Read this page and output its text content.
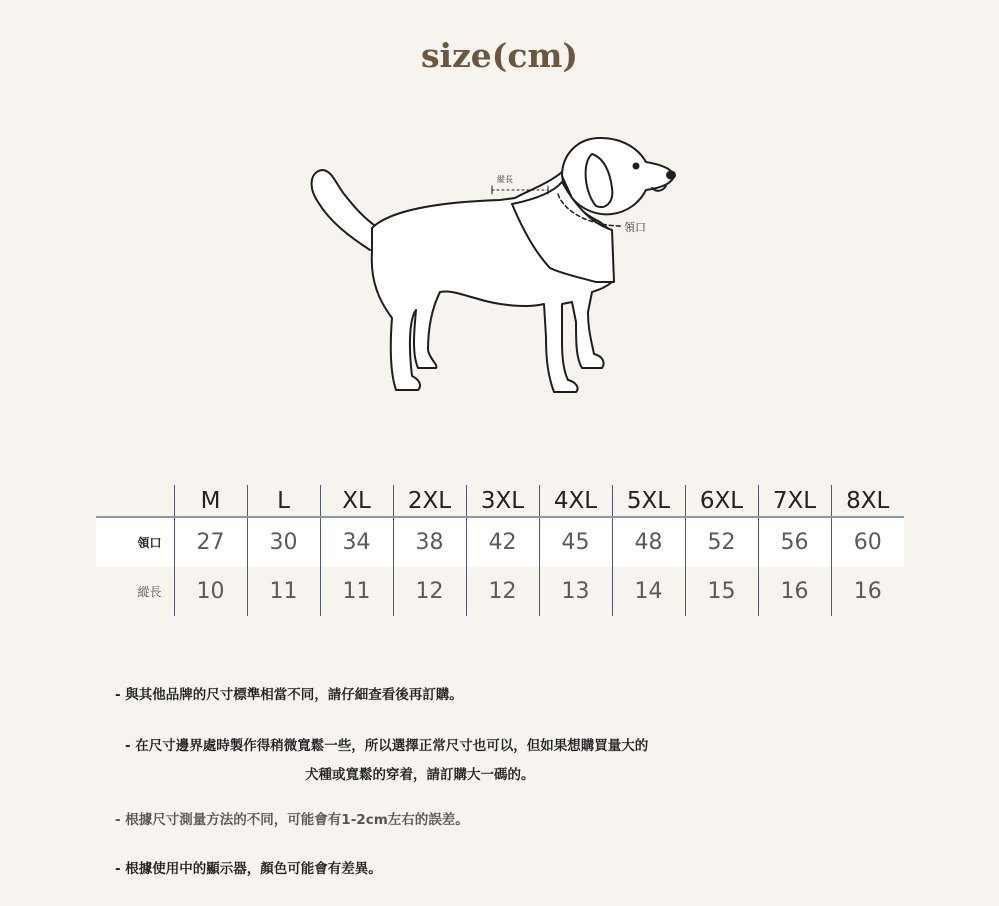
size(cm)
縦長
領口
	M	L	XL	2XL	3XL	4XL	5XL	6XL	7XL	8XL
領口	27	30	34	38	42	45	48	52	56	60
縱長	10	11	11	12	12	13	14	15	16	16
- 與其他品牌的尺寸標準相當不同，請仔細查看後再訂購。
- 在尺寸邊界處時製作得稍微寬鬆一些，所以選擇正常尺寸也可以，但如果想購買量大的
犬種或寬鬆的穿着，請訂購大一碼的。
- 根據尺寸測量方法的不同，可能會有1-2cm左右的誤差。
- 根據使用中的顯示器，顏色可能會有差異。
